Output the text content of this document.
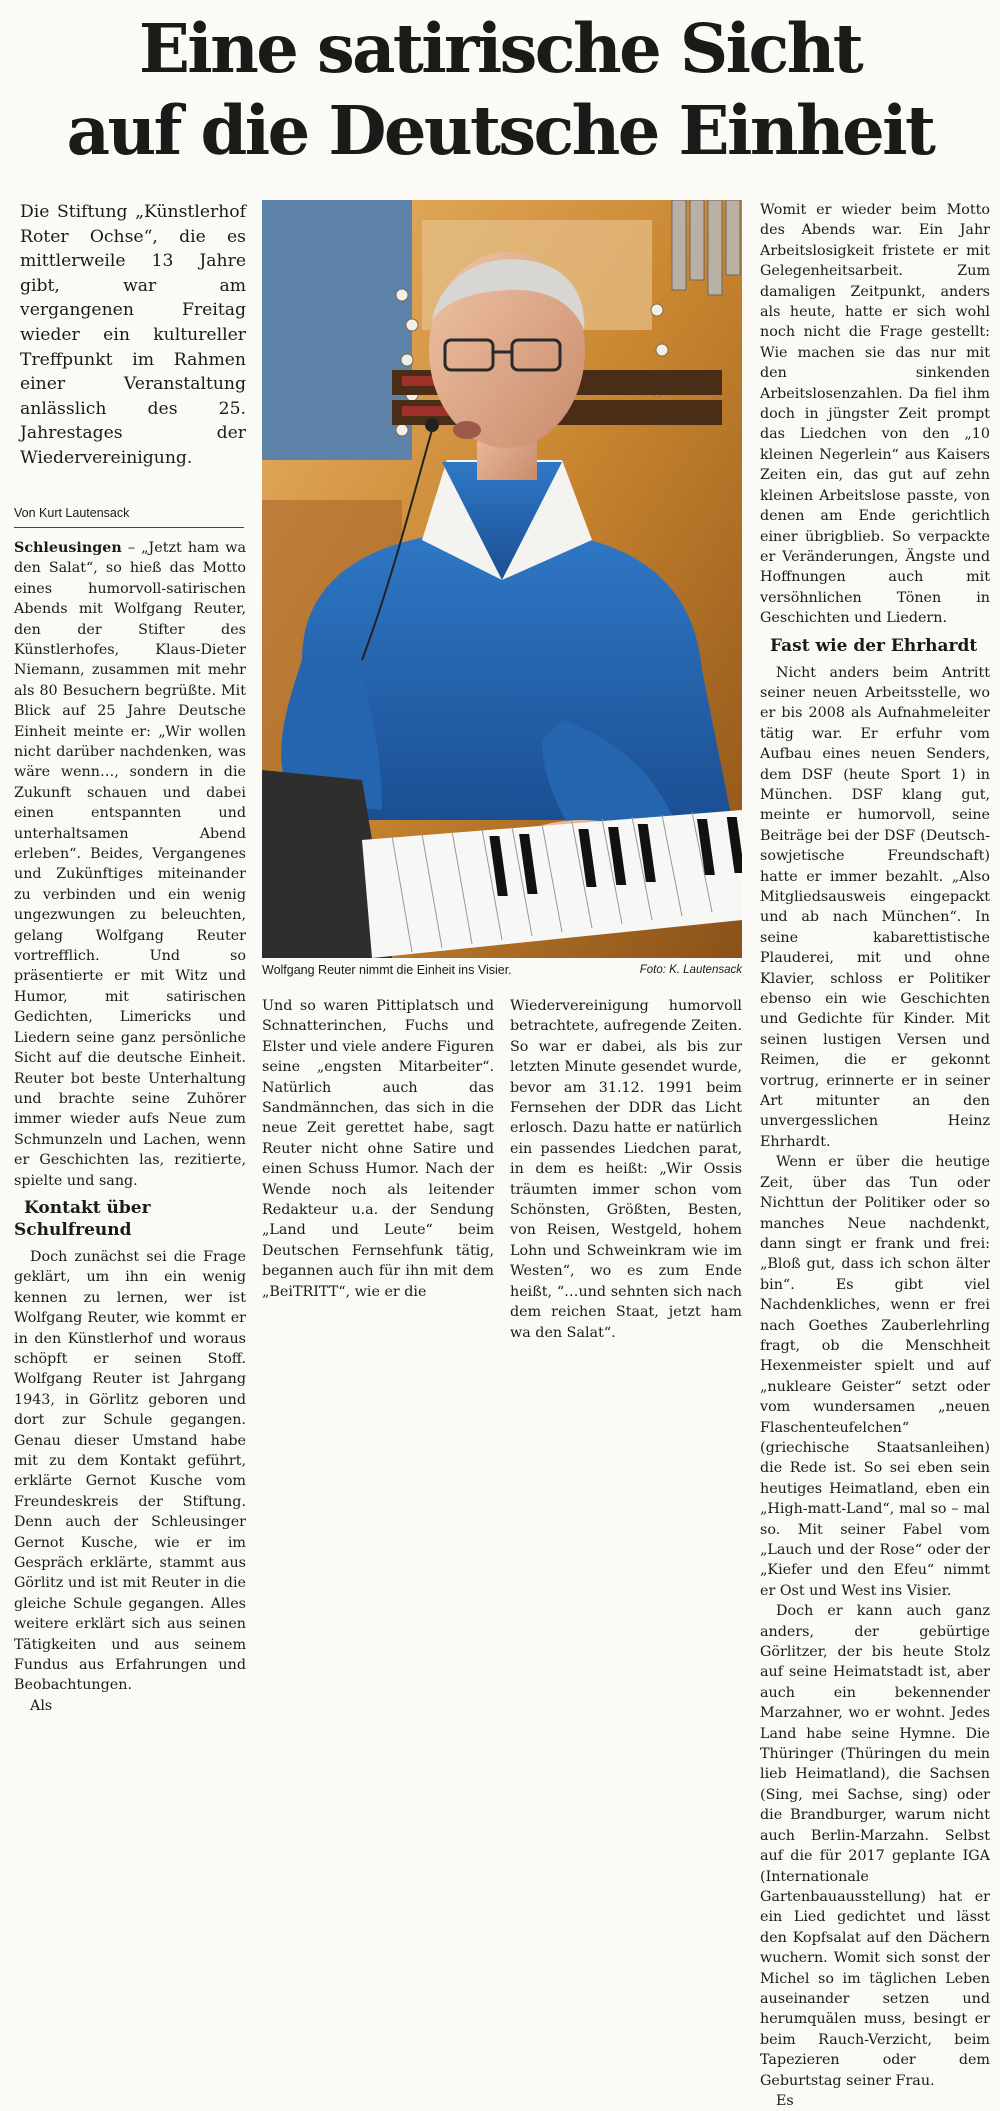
Eine satirische Sicht
auf die Deutsche Einheit

Die Stiftung „Künstlerhof Roter Ochse“, die es mittlerweile 13 Jahre gibt, war am vergangenen Freitag wieder ein kultureller Treffpunkt im Rahmen einer Veranstaltung anlässlich des 25. Jahrestages der Wiedervereinigung.

Von Kurt Lautensack

Schleusingen – „Jetzt ham wa den Salat“, so hieß das Motto eines humorvoll-satirischen Abends mit Wolfgang Reuter, den der Stifter des Künstlerhofes, Klaus-Dieter Niemann, zusammen mit mehr als 80 Besuchern begrüßte. Mit Blick auf 25 Jahre Deutsche Einheit meinte er: „Wir wollen nicht darüber nachdenken, was wäre wenn…, sondern in die Zukunft schauen und dabei einen entspannten und unterhaltsamen Abend erleben“. Beides, Vergangenes und Zukünftiges miteinander zu verbinden und ein wenig ungezwungen zu beleuchten, gelang Wolfgang Reuter vortrefflich. Und so präsentierte er mit Witz und Humor, mit satirischen Gedichten, Limericks und Liedern seine ganz persönliche Sicht auf die deutsche Einheit. Reuter bot beste Unterhaltung und brachte seine Zuhörer immer wieder aufs Neue zum Schmunzeln und Lachen, wenn er Geschichten las, rezitierte, spielte und sang.

Kontakt über Schulfreund

Doch zunächst sei die Frage geklärt, um ihn ein wenig kennen zu lernen, wer ist Wolfgang Reuter, wie kommt er in den Künstlerhof und woraus schöpft er seinen Stoff. Wolfgang Reuter ist Jahrgang 1943, in Görlitz geboren und dort zur Schule gegangen. Genau dieser Umstand habe mit zu dem Kontakt geführt, erklärte Gernot Kusche vom Freundeskreis der Stiftung. Denn auch der Schleusinger Gernot Kusche, wie er im Gespräch erklärte, stammt aus Görlitz und ist mit Reuter in die gleiche Schule gegangen. Alles weitere erklärt sich aus seinen Tätigkeiten und aus seinem Fundus aus Erfahrungen und Beobachtungen.

Als

Wolfgang Reuter nimmt die Einheit ins Visier.	Foto: K. Lautensack

Und so waren Pittiplatsch und Schnatterinchen, Fuchs und Elster und viele andere Figuren seine „engsten Mitarbeiter“. Natürlich auch das Sandmännchen, das sich in die neue Zeit gerettet habe, sagt Reuter nicht ohne Satire und einen Schuss Humor. Nach der Wende noch als leitender Redakteur u.a. der Sendung „Land und Leute“ beim Deutschen Fernsehfunk tätig, begannen auch für ihn mit dem „BeiTRITT“, wie er die

Wiedervereinigung humorvoll betrachtete, aufregende Zeiten. So war er dabei, als bis zur letzten Minute gesendet wurde, bevor am 31.12. 1991 beim Fernsehen der DDR das Licht erlosch. Dazu hatte er natürlich ein passendes Liedchen parat, in dem es heißt: „Wir Ossis träumten immer schon vom Schönsten, Größten, Besten, von Reisen, Westgeld, hohem Lohn und Schweinkram wie im Westen“, wo es zum Ende heißt, “…und sehnten sich nach dem reichen Staat, jetzt ham wa den Salat“.

Womit er wieder beim Motto des Abends war. Ein Jahr Arbeitslosigkeit fristete er mit Gelegenheitsarbeit. Zum damaligen Zeitpunkt, anders als heute, hatte er sich wohl noch nicht die Frage gestellt: Wie machen sie das nur mit den sinkenden Arbeitslosenzahlen. Da fiel ihm doch in jüngster Zeit prompt das Liedchen von den „10 kleinen Negerlein“ aus Kaisers Zeiten ein, das gut auf zehn kleinen Arbeitslose passte, von denen am Ende gerichtlich einer übrigblieb. So verpackte er Veränderungen, Ängste und Hoffnungen auch mit versöhnlichen Tönen in Geschichten und Liedern.

Fast wie der Ehrhardt

Nicht anders beim Antritt seiner neuen Arbeitsstelle, wo er bis 2008 als Aufnahmeleiter tätig war. Er erfuhr vom Aufbau eines neuen Senders, dem DSF (heute Sport 1) in München. DSF klang gut, meinte er humorvoll, seine Beiträge bei der DSF (Deutsch-sowjetische Freundschaft) hatte er immer bezahlt. „Also Mitgliedsausweis eingepackt und ab nach München“. In seine kabarettistische Plauderei, mit und ohne Klavier, schloss er Politiker ebenso ein wie Geschichten und Gedichte für Kinder. Mit seinen lustigen Versen und Reimen, die er gekonnt vortrug, erinnerte er in seiner Art mitunter an den unvergesslichen Heinz Ehrhardt.

Wenn er über die heutige Zeit, über das Tun oder Nichttun der Politiker oder so manches Neue nachdenkt, dann singt er frank und frei: „Bloß gut, dass ich schon älter bin“. Es gibt viel Nachdenkliches, wenn er frei nach Goethes Zauberlehrling fragt, ob die Menschheit Hexenmeister spielt und auf „nukleare Geister“ setzt oder vom wundersamen „neuen Flaschenteufelchen“ (griechische Staatsanleihen) die Rede ist. So sei eben sein heutiges Heimatland, eben ein „High-matt-Land“, mal so – mal so. Mit seiner Fabel vom „Lauch und der Rose“ oder der „Kiefer und den Efeu“ nimmt er Ost und West ins Visier.

Doch er kann auch ganz anders, der gebürtige Görlitzer, der bis heute Stolz auf seine Heimatstadt ist, aber auch ein bekennender Marzahner, wo er wohnt. Jedes Land habe seine Hymne. Die Thüringer (Thüringen du mein lieb Heimatland), die Sachsen (Sing, mei Sachse, sing) oder die Brandburger, warum nicht auch Berlin-Marzahn. Selbst auf die für 2017 geplante IGA (Internationale Gartenbauausstellung) hat er ein Lied gedichtet und lässt den Kopfsalat auf den Dächern wuchern. Womit sich sonst der Michel so im täglichen Leben auseinander setzen und herumquälen muss, besingt er beim Rauch-Verzicht, beim Tapezieren oder dem Geburtstag seiner Frau.

Es
